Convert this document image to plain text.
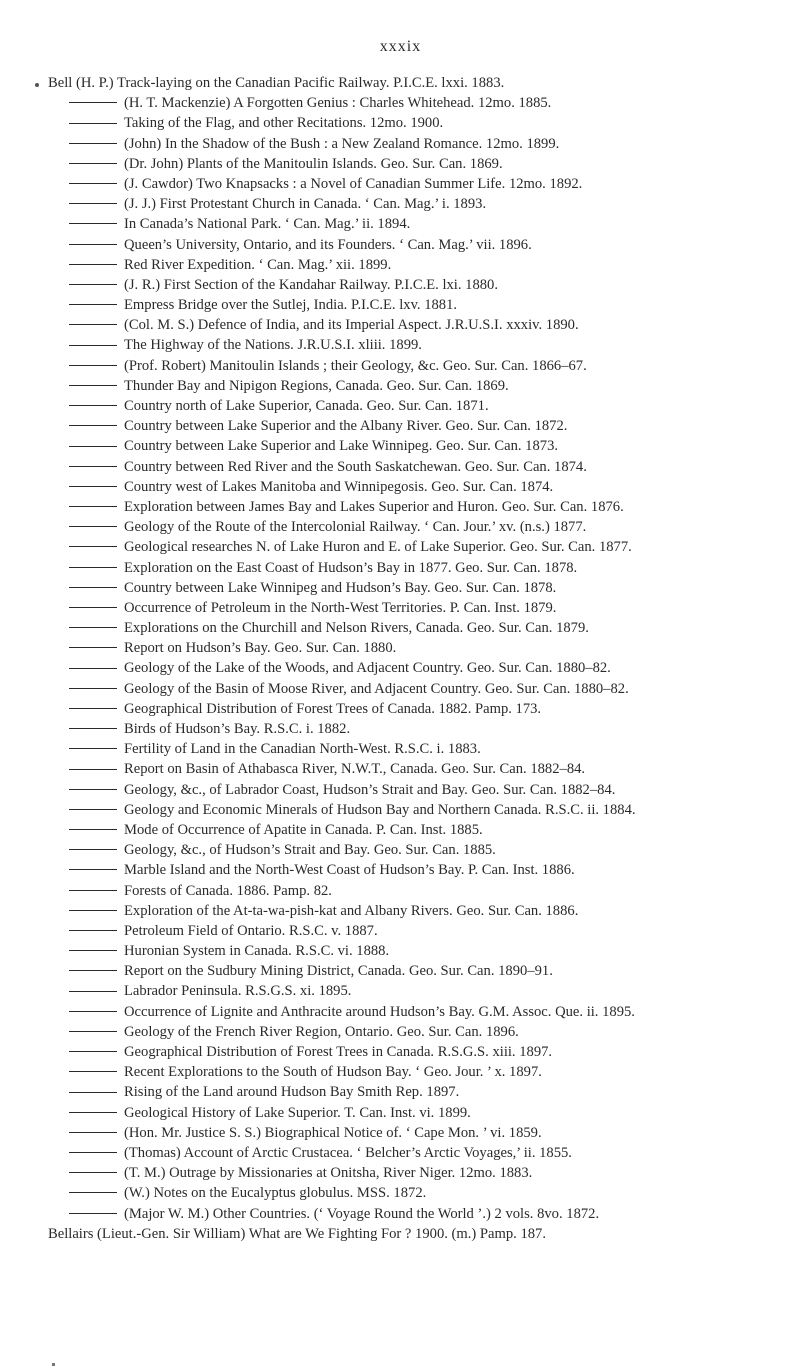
xxxix
Bell (H. P.) Track-laying on the Canadian Pacific Railway. P.I.C.E. lxxi. 1883.
(H. T. Mackenzie) A Forgotten Genius : Charles Whitehead. 12mo. 1885.
Taking of the Flag, and other Recitations. 12mo. 1900.
(John) In the Shadow of the Bush : a New Zealand Romance. 12mo. 1899.
(Dr. John) Plants of the Manitoulin Islands. Geo. Sur. Can. 1869.
(J. Cawdor) Two Knapsacks : a Novel of Canadian Summer Life. 12mo. 1892.
(J. J.) First Protestant Church in Canada. ‘ Can. Mag.’ i. 1893.
In Canada’s National Park. ‘ Can. Mag.’ ii. 1894.
Queen’s University, Ontario, and its Founders. ‘ Can. Mag.’ vii. 1896.
Red River Expedition. ‘ Can. Mag.’ xii. 1899.
(J. R.) First Section of the Kandahar Railway. P.I.C.E. lxi. 1880.
Empress Bridge over the Sutlej, India. P.I.C.E. lxv. 1881.
(Col. M. S.) Defence of India, and its Imperial Aspect. J.R.U.S.I. xxxiv. 1890.
The Highway of the Nations. J.R.U.S.I. xliii. 1899.
(Prof. Robert) Manitoulin Islands ; their Geology, &c. Geo. Sur. Can. 1866–67.
Thunder Bay and Nipigon Regions, Canada. Geo. Sur. Can. 1869.
Country north of Lake Superior, Canada. Geo. Sur. Can. 1871.
Country between Lake Superior and the Albany River. Geo. Sur. Can. 1872.
Country between Lake Superior and Lake Winnipeg. Geo. Sur. Can. 1873.
Country between Red River and the South Saskatchewan. Geo. Sur. Can. 1874.
Country west of Lakes Manitoba and Winnipegosis. Geo. Sur. Can. 1874.
Exploration between James Bay and Lakes Superior and Huron. Geo. Sur. Can. 1876.
Geology of the Route of the Intercolonial Railway. ‘ Can. Jour.’ xv. (n.s.) 1877.
Geological researches N. of Lake Huron and E. of Lake Superior. Geo. Sur. Can. 1877.
Exploration on the East Coast of Hudson’s Bay in 1877. Geo. Sur. Can. 1878.
Country between Lake Winnipeg and Hudson’s Bay. Geo. Sur. Can. 1878.
Occurrence of Petroleum in the North-West Territories. P. Can. Inst. 1879.
Explorations on the Churchill and Nelson Rivers, Canada. Geo. Sur. Can. 1879.
Report on Hudson’s Bay. Geo. Sur. Can. 1880.
Geology of the Lake of the Woods, and Adjacent Country. Geo. Sur. Can. 1880–82.
Geology of the Basin of Moose River, and Adjacent Country. Geo. Sur. Can. 1880–82.
Geographical Distribution of Forest Trees of Canada. 1882. Pamp. 173.
Birds of Hudson’s Bay. R.S.C. i. 1882.
Fertility of Land in the Canadian North-West. R.S.C. i. 1883.
Report on Basin of Athabasca River, N.W.T., Canada. Geo. Sur. Can. 1882–84.
Geology, &c., of Labrador Coast, Hudson’s Strait and Bay. Geo. Sur. Can. 1882–84.
Geology and Economic Minerals of Hudson Bay and Northern Canada. R.S.C. ii. 1884.
Mode of Occurrence of Apatite in Canada. P. Can. Inst. 1885.
Geology, &c., of Hudson’s Strait and Bay. Geo. Sur. Can. 1885.
Marble Island and the North-West Coast of Hudson’s Bay. P. Can. Inst. 1886.
Forests of Canada. 1886. Pamp. 82.
Exploration of the At-ta-wa-pish-kat and Albany Rivers. Geo. Sur. Can. 1886.
Petroleum Field of Ontario. R.S.C. v. 1887.
Huronian System in Canada. R.S.C. vi. 1888.
Report on the Sudbury Mining District, Canada. Geo. Sur. Can. 1890–91.
Labrador Peninsula. R.S.G.S. xi. 1895.
Occurrence of Lignite and Anthracite around Hudson’s Bay. G.M. Assoc. Que. ii. 1895.
Geology of the French River Region, Ontario. Geo. Sur. Can. 1896.
Geographical Distribution of Forest Trees in Canada. R.S.G.S. xiii. 1897.
Recent Explorations to the South of Hudson Bay. ‘ Geo. Jour. ’ x. 1897.
Rising of the Land around Hudson Bay Smith Rep. 1897.
Geological History of Lake Superior. T. Can. Inst. vi. 1899.
(Hon. Mr. Justice S. S.) Biographical Notice of. ‘ Cape Mon. ’ vi. 1859.
(Thomas) Account of Arctic Crustacea. ‘ Belcher’s Arctic Voyages,’ ii. 1855.
(T. M.) Outrage by Missionaries at Onitsha, River Niger. 12mo. 1883.
(W.) Notes on the Eucalyptus globulus. MSS. 1872.
(Major W. M.) Other Countries. (‘ Voyage Round the World ’.) 2 vols. 8vo. 1872.
Bellairs (Lieut.-Gen. Sir William) What are We Fighting For ? 1900. (m.) Pamp. 187.
